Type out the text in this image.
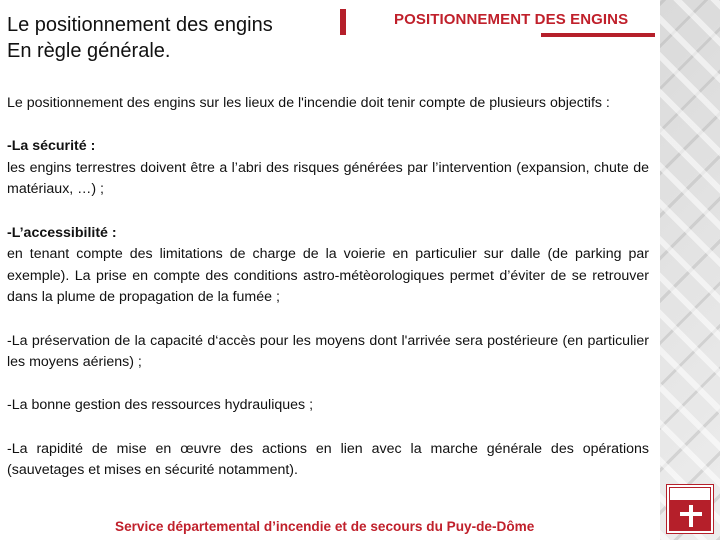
Le positionnement des engins
En règle générale.
POSITIONNEMENT DES ENGINS

Le positionnement des engins sur les lieux de l'incendie doit tenir compte de plusieurs objectifs :

-La sécurité :
les engins terrestres doivent être a l’abri des risques générées par l’intervention (expansion, chute de matériaux, …) ;

-L’accessibilité :
en tenant compte des limitations de charge de la voierie en particulier sur dalle (de parking par exemple). La prise en compte des conditions astro-métèorologiques permet d’éviter de se retrouver dans la plume de propagation de la fumée ;

-La préservation de la capacité d‘accès pour les moyens dont l'arrivée sera postérieure (en particulier les moyens aériens) ;

-La bonne gestion des ressources hydrauliques ;

-La rapidité de mise en œuvre des actions en lien avec la marche générale des opérations (sauvetages et mises en sécurité notamment).

Service départemental d’incendie et de secours du Puy-de-Dôme
